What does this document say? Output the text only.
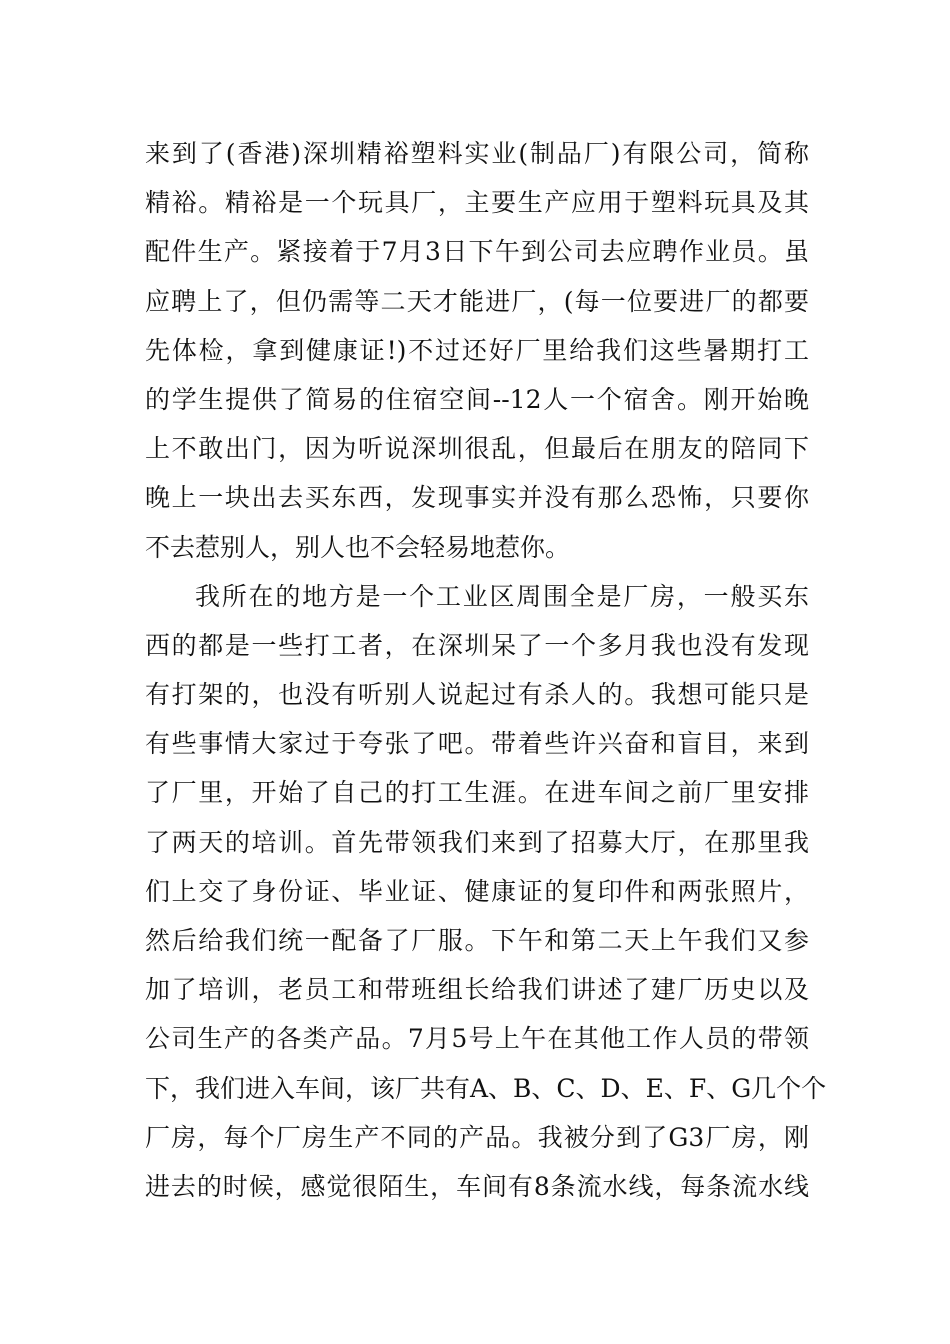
来到了(香港)深圳精裕塑料实业(制品厂)有限公司，简称
精裕。精裕是一个玩具厂，主要生产应用于塑料玩具及其
配件生产。紧接着于7月3日下午到公司去应聘作业员。虽
应聘上了，但仍需等二天才能进厂，(每一位要进厂的都要
先体检，拿到健康证!)不过还好厂里给我们这些暑期打工
的学生提供了简易的住宿空间--12人一个宿舍。刚开始晚
上不敢出门，因为听说深圳很乱，但最后在朋友的陪同下
晚上一块出去买东西，发现事实并没有那么恐怖，只要你
不去惹别人，别人也不会轻易地惹你。
我所在的地方是一个工业区周围全是厂房，一般买东
西的都是一些打工者，在深圳呆了一个多月我也没有发现
有打架的，也没有听别人说起过有杀人的。我想可能只是
有些事情大家过于夸张了吧。带着些许兴奋和盲目，来到
了厂里，开始了自己的打工生涯。在进车间之前厂里安排
了两天的培训。首先带领我们来到了招募大厅，在那里我
们上交了身份证、毕业证、健康证的复印件和两张照片，
然后给我们统一配备了厂服。下午和第二天上午我们又参
加了培训，老员工和带班组长给我们讲述了建厂历史以及
公司生产的各类产品。7月5号上午在其他工作人员的带领
下，我们进入车间，该厂共有A、B、C、D、E、F、G几个个
厂房，每个厂房生产不同的产品。我被分到了G3厂房，刚
进去的时候，感觉很陌生，车间有8条流水线，每条流水线
